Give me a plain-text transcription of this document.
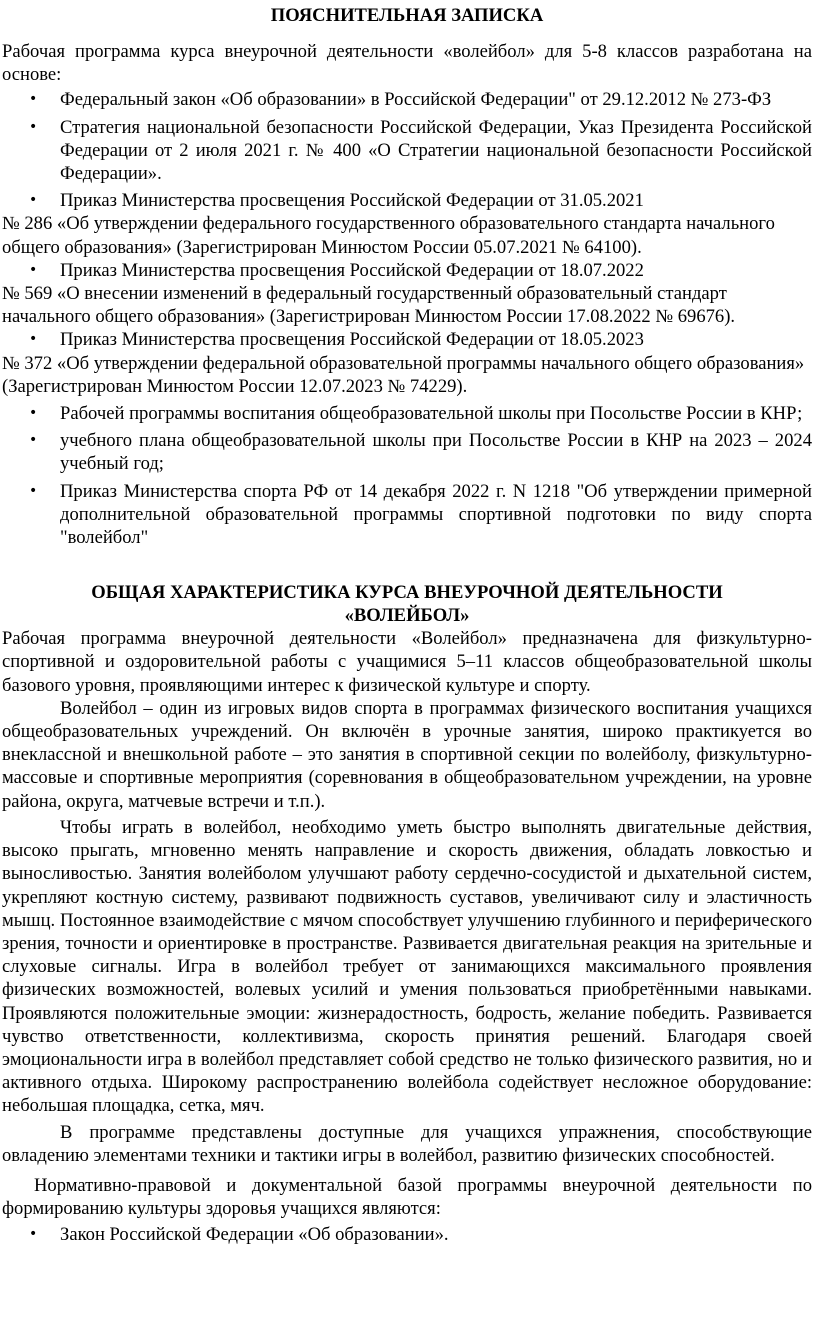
ПОЯСНИТЕЛЬНАЯ ЗАПИСКА

Рабочая программа курса внеурочной деятельности «волейбол» для 5-8 классов разработана на основе:

• Федеральный закон «Об образовании» в Российской Федерации" от 29.12.2012 № 273-ФЗ
• Стратегия национальной безопасности Российской Федерации, Указ Президента Российской Федерации от 2 июля 2021 г. № 400 «О Стратегии национальной безопасности Российской Федерации».
• Приказ Министерства просвещения Российской Федерации от 31.05.2021

№ 286 «Об утверждении федерального государственного образовательного стандарта начального общего образования» (Зарегистрирован Минюстом России 05.07.2021 № 64100).

• Приказ Министерства просвещения Российской Федерации от 18.07.2022

№ 569 «О внесении изменений в федеральный государственный образовательный стандарт начального общего образования» (Зарегистрирован Минюстом России 17.08.2022 № 69676).

• Приказ Министерства просвещения Российской Федерации от 18.05.2023

№ 372 «Об утверждении федеральной образовательной программы начального общего образования» (Зарегистрирован Минюстом России 12.07.2023 № 74229).

• Рабочей программы воспитания общеобразовательной школы при Посольстве России в КНР;
• учебного плана общеобразовательной школы при Посольстве России в КНР на 2023 – 2024 учебный год;
• Приказ Министерства спорта РФ от 14 декабря 2022 г. N 1218 "Об утверждении примерной дополнительной образовательной программы спортивной подготовки по виду спорта "волейбол"
ОБЩАЯ ХАРАКТЕРИСТИКА КУРСА ВНЕУРОЧНОЙ ДЕЯТЕЛЬНОСТИ «ВОЛЕЙБОЛ»

Рабочая программа внеурочной деятельности «Волейбол» предназначена для физкультурно-спортивной и оздоровительной работы с учащимися 5–11 классов общеобразовательной школы базового уровня, проявляющими интерес к физической культуре и спорту.

Волейбол – один из игровых видов спорта в программах физического воспитания учащихся общеобразовательных учреждений. Он включён в урочные занятия, широко практикуется во внеклассной и внешкольной работе – это занятия в спортивной секции по волейболу, физкультурно-массовые и спортивные мероприятия (соревнования в общеобразовательном учреждении, на уровне района, округа, матчевые встречи и т.п.).

Чтобы играть в волейбол, необходимо уметь быстро выполнять двигательные действия, высоко прыгать, мгновенно менять направление и скорость движения, обладать ловкостью и выносливостью. Занятия волейболом улучшают работу сердечно-сосудистой и дыхательной систем, укрепляют костную систему, развивают подвижность суставов, увеличивают силу и эластичность мышц. Постоянное взаимодействие с мячом способствует улучшению глубинного и периферического зрения, точности и ориентировке в пространстве. Развивается двигательная реакция на зрительные и слуховые сигналы. Игра в волейбол требует от занимающихся максимального проявления физических возможностей, волевых усилий и умения пользоваться приобретёнными навыками. Проявляются положительные эмоции: жизнерадостность, бодрость, желание победить. Развивается чувство ответственности, коллективизма, скорость принятия решений. Благодаря своей эмоциональности игра в волейбол представляет собой средство не только физического развития, но и активного отдыха. Широкому распространению волейбола содействует несложное оборудование: небольшая площадка, сетка, мяч.

В программе представлены доступные для учащихся упражнения, способствующие овладению элементами техники и тактики игры в волейбол, развитию физических способностей.

Нормативно-правовой и документальной базой программы внеурочной деятельности по формированию культуры здоровья учащихся являются:

• Закон Российской Федерации «Об образовании».
